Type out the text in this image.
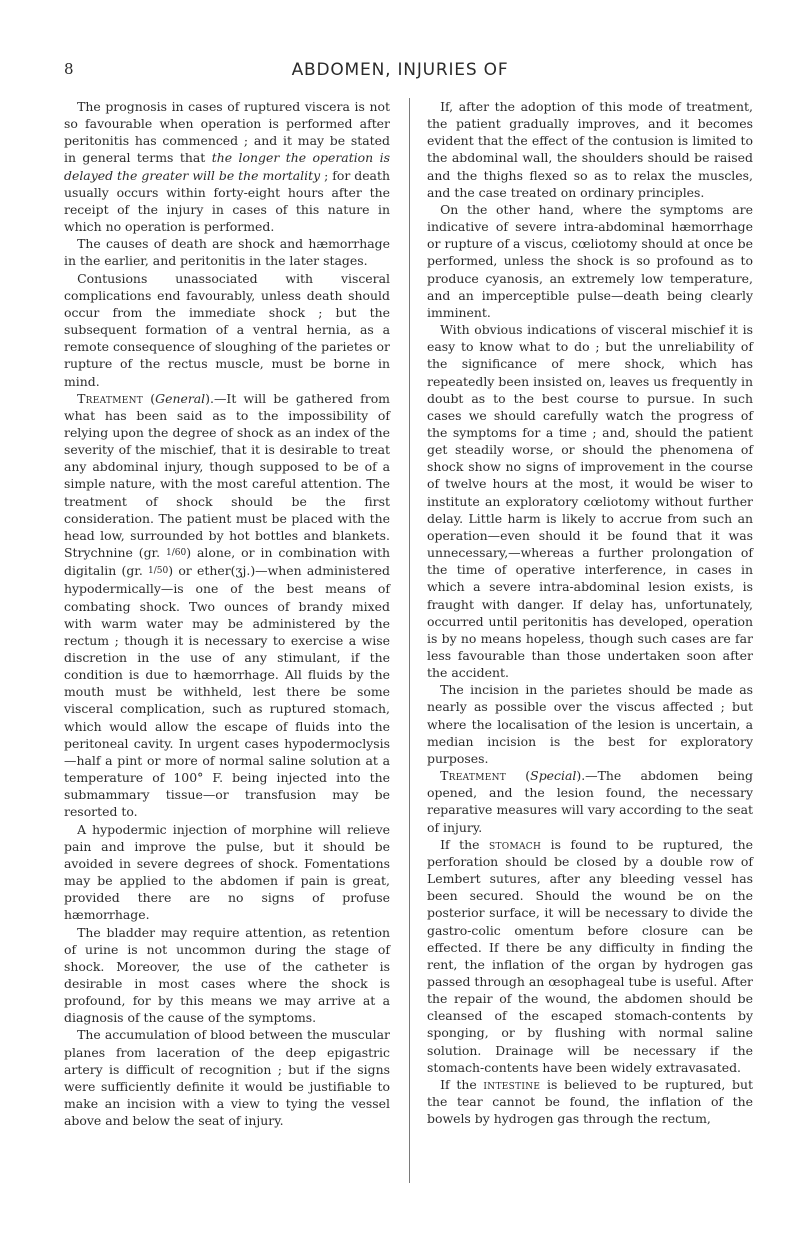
8	ABDOMEN, INJURIES OF

The prognosis in cases of ruptured viscera is not so favourable when operation is performed after peritonitis has commenced ; and it may be stated in general terms that the longer the operation is delayed the greater will be the mortality ; for death usually occurs within forty-eight hours after the receipt of the injury in cases of this nature in which no operation is performed.

The causes of death are shock and hæmorrhage in the earlier, and peritonitis in the later stages.

Contusions unassociated with visceral complications end favourably, unless death should occur from the immediate shock ; but the subsequent formation of a ventral hernia, as a remote consequence of sloughing of the parietes or rupture of the rectus muscle, must be borne in mind.

Treatment (General).—It will be gathered from what has been said as to the impossibility of relying upon the degree of shock as an index of the severity of the mischief, that it is desirable to treat any abdominal injury, though supposed to be of a simple nature, with the most careful attention. The treatment of shock should be the first consideration. The patient must be placed with the head low, surrounded by hot bottles and blankets. Strychnine (gr. 1/60) alone, or in combination with digitalin (gr. 1/50) or ether(ʒj.)—when administered hypodermically—is one of the best means of combating shock. Two ounces of brandy mixed with warm water may be administered by the rectum ; though it is necessary to exercise a wise discretion in the use of any stimulant, if the condition is due to hæmorrhage. All fluids by the mouth must be withheld, lest there be some visceral complication, such as ruptured stomach, which would allow the escape of fluids into the peritoneal cavity. In urgent cases hypodermoclysis—half a pint or more of normal saline solution at a temperature of 100° F. being injected into the submammary tissue—or transfusion may be resorted to.

A hypodermic injection of morphine will relieve pain and improve the pulse, but it should be avoided in severe degrees of shock. Fomentations may be applied to the abdomen if pain is great, provided there are no signs of profuse hæmorrhage.

The bladder may require attention, as retention of urine is not uncommon during the stage of shock. Moreover, the use of the catheter is desirable in most cases where the shock is profound, for by this means we may arrive at a diagnosis of the cause of the symptoms.

The accumulation of blood between the muscular planes from laceration of the deep epigastric artery is difficult of recognition ; but if the signs were sufficiently definite it would be justifiable to make an incision with a view to tying the vessel above and below the seat of injury.

If, after the adoption of this mode of treatment, the patient gradually improves, and it becomes evident that the effect of the contusion is limited to the abdominal wall, the shoulders should be raised and the thighs flexed so as to relax the muscles, and the case treated on ordinary principles.

On the other hand, where the symptoms are indicative of severe intra-abdominal hæmorrhage or rupture of a viscus, cœliotomy should at once be performed, unless the shock is so profound as to produce cyanosis, an extremely low temperature, and an imperceptible pulse—death being clearly imminent.

With obvious indications of visceral mischief it is easy to know what to do ; but the unreliability of the significance of mere shock, which has repeatedly been insisted on, leaves us frequently in doubt as to the best course to pursue. In such cases we should carefully watch the progress of the symptoms for a time ; and, should the patient get steadily worse, or should the phenomena of shock show no signs of improvement in the course of twelve hours at the most, it would be wiser to institute an exploratory cœliotomy without further delay. Little harm is likely to accrue from such an operation—even should it be found that it was unnecessary,—whereas a further prolongation of the time of operative interference, in cases in which a severe intra-abdominal lesion exists, is fraught with danger. If delay has, unfortunately, occurred until peritonitis has developed, operation is by no means hopeless, though such cases are far less favourable than those undertaken soon after the accident.

The incision in the parietes should be made as nearly as possible over the viscus affected ; but where the localisation of the lesion is uncertain, a median incision is the best for exploratory purposes.

Treatment (Special).—The abdomen being opened, and the lesion found, the necessary reparative measures will vary according to the seat of injury.

If the stomach is found to be ruptured, the perforation should be closed by a double row of Lembert sutures, after any bleeding vessel has been secured. Should the wound be on the posterior surface, it will be necessary to divide the gastro-colic omentum before closure can be effected. If there be any difficulty in finding the rent, the inflation of the organ by hydrogen gas passed through an œsophageal tube is useful. After the repair of the wound, the abdomen should be cleansed of the escaped stomach-contents by sponging, or by flushing with normal saline solution. Drainage will be necessary if the stomach-contents have been widely extravasated.

If the intestine is believed to be ruptured, but the tear cannot be found, the inflation of the bowels by hydrogen gas through the rectum,
